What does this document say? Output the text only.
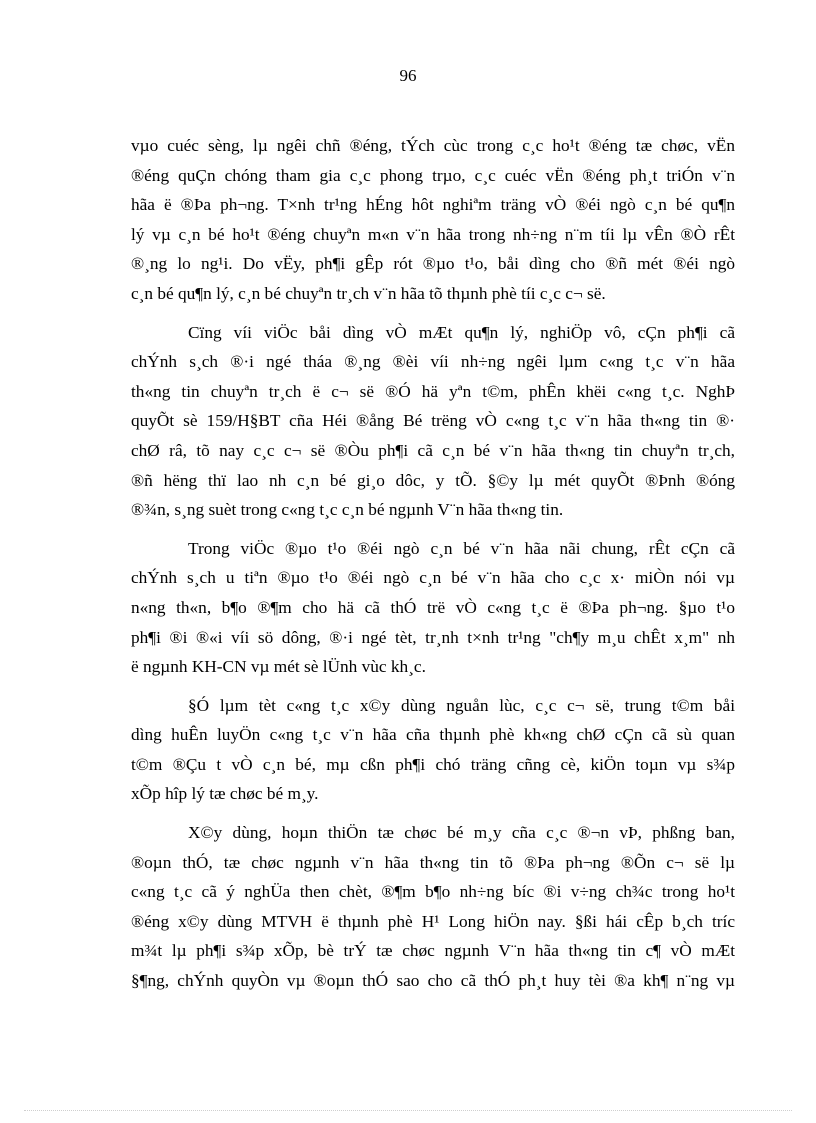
96

vµo cuéc sèng, lµ ngêi chñ ®éng, tÝch cùc trong c¸c ho¹t ®éng tæ chøc, vËn
®éng quÇn chóng tham gia c¸c phong trµo, c¸c cuéc vËn ®éng ph¸t triÓn v¨n
hãa ë ®Þa ph¬ng. T×nh tr¹ng hÉng hôt nghiªm träng vÒ ®éi ngò c¸n bé qu¶n
lý vµ c¸n bé ho¹t ®éng chuyªn m«n v¨n hãa trong nh÷ng n¨m tíi lµ vÊn ®Ò rÊt
®¸ng lo ng¹i. Do vËy, ph¶i gÊp rót ®µo t¹o, båi dìng cho ®ñ mét ®éi ngò
c¸n bé qu¶n lý, c¸n bé chuyªn tr¸ch v¨n hãa tõ thµnh phè tíi c¸c c¬ së.

Cïng víi viÖc båi dìng vÒ mÆt qu¶n lý, nghiÖp vô, cÇn ph¶i cã
chÝnh s¸ch ®·i ngé tháa ®¸ng ®èi víi nh÷ng ngêi lµm c«ng t¸c v¨n hãa
th«ng tin chuyªn tr¸ch ë c¬ së ®Ó hä yªn t©m, phÊn khëi c«ng t¸c. NghÞ
quyÕt sè 159/H§BT cña Héi ®ång Bé trëng vÒ c«ng t¸c v¨n hãa th«ng tin ®·
chØ râ, tõ nay c¸c c¬ së ®Òu ph¶i cã c¸n bé v¨n hãa th«ng tin chuyªn tr¸ch,
®ñ hëng thï lao nh c¸n bé gi¸o dôc, y tÕ. §©y lµ mét quyÕt ®Þnh ®óng
®¾n, s¸ng suèt trong c«ng t¸c c¸n bé ngµnh V¨n hãa th«ng tin.

Trong viÖc ®µo t¹o ®éi ngò c¸n bé v¨n hãa nãi chung, rÊt cÇn cã
chÝnh s¸ch u tiªn ®µo t¹o ®éi ngò c¸n bé v¨n hãa cho c¸c x· miÒn nói vµ
n«ng th«n, b¶o ®¶m cho hä cã thÓ trë vÒ c«ng t¸c ë ®Þa ph¬ng. §µo t¹o
ph¶i ®i ®«i víi sö dông, ®·i ngé tèt, tr¸nh t×nh tr¹ng "ch¶y m¸u chÊt x¸m" nh
ë ngµnh KH-CN vµ mét sè lÜnh vùc kh¸c.

§Ó lµm tèt c«ng t¸c x©y dùng nguån lùc, c¸c c¬ së, trung t©m båi
dìng huÊn luyÖn c«ng t¸c v¨n hãa cña thµnh phè kh«ng chØ cÇn cã sù quan
t©m ®Çu t vÒ c¸n bé, mµ cßn ph¶i chó träng cñng cè, kiÖn toµn vµ s¾p
xÕp hîp lý tæ chøc bé m¸y.

X©y dùng, hoµn thiÖn tæ chøc bé m¸y cña c¸c ®¬n vÞ, phßng ban,
®oµn thÓ, tæ chøc ngµnh v¨n hãa th«ng tin tõ ®Þa ph¬ng ®Õn c¬ së lµ
c«ng t¸c cã ý nghÜa then chèt, ®¶m b¶o nh÷ng bíc ®i v÷ng ch¾c trong ho¹t
®éng x©y dùng MTVH ë thµnh phè H¹ Long hiÖn nay. §ßi hái cÊp b¸ch tríc
m¾t lµ ph¶i s¾p xÕp, bè trÝ tæ chøc ngµnh V¨n hãa th«ng tin c¶ vÒ mÆt
§¶ng, chÝnh quyÒn vµ ®oµn thÓ sao cho cã thÓ ph¸t huy tèi ®a kh¶ n¨ng vµ
